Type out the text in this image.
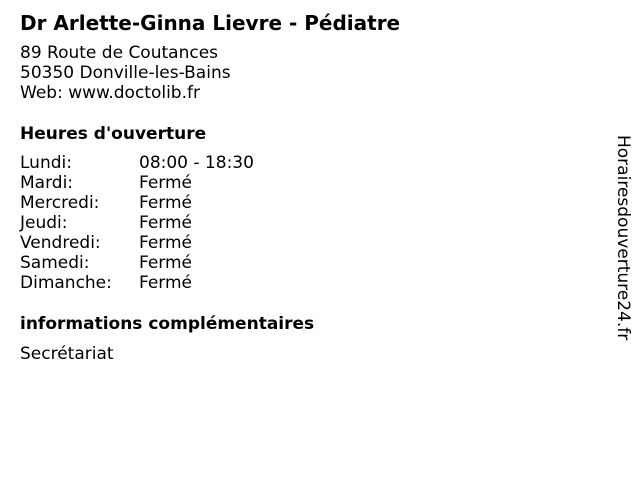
Dr Arlette-Ginna Lievre - Pédiatre
89 Route de Coutances
50350 Donville-les-Bains
Web: www.doctolib.fr
Heures d'ouverture
Lundi:	08:00 - 18:30
Mardi:	Fermé
Mercredi: Fermé
Jeudi:	Fermé
Vendredi: Fermé
Samedi:	Fermé
Dimanche: Fermé
informations complémentaires
Secrétariat
Horairesdouverture24.fr
